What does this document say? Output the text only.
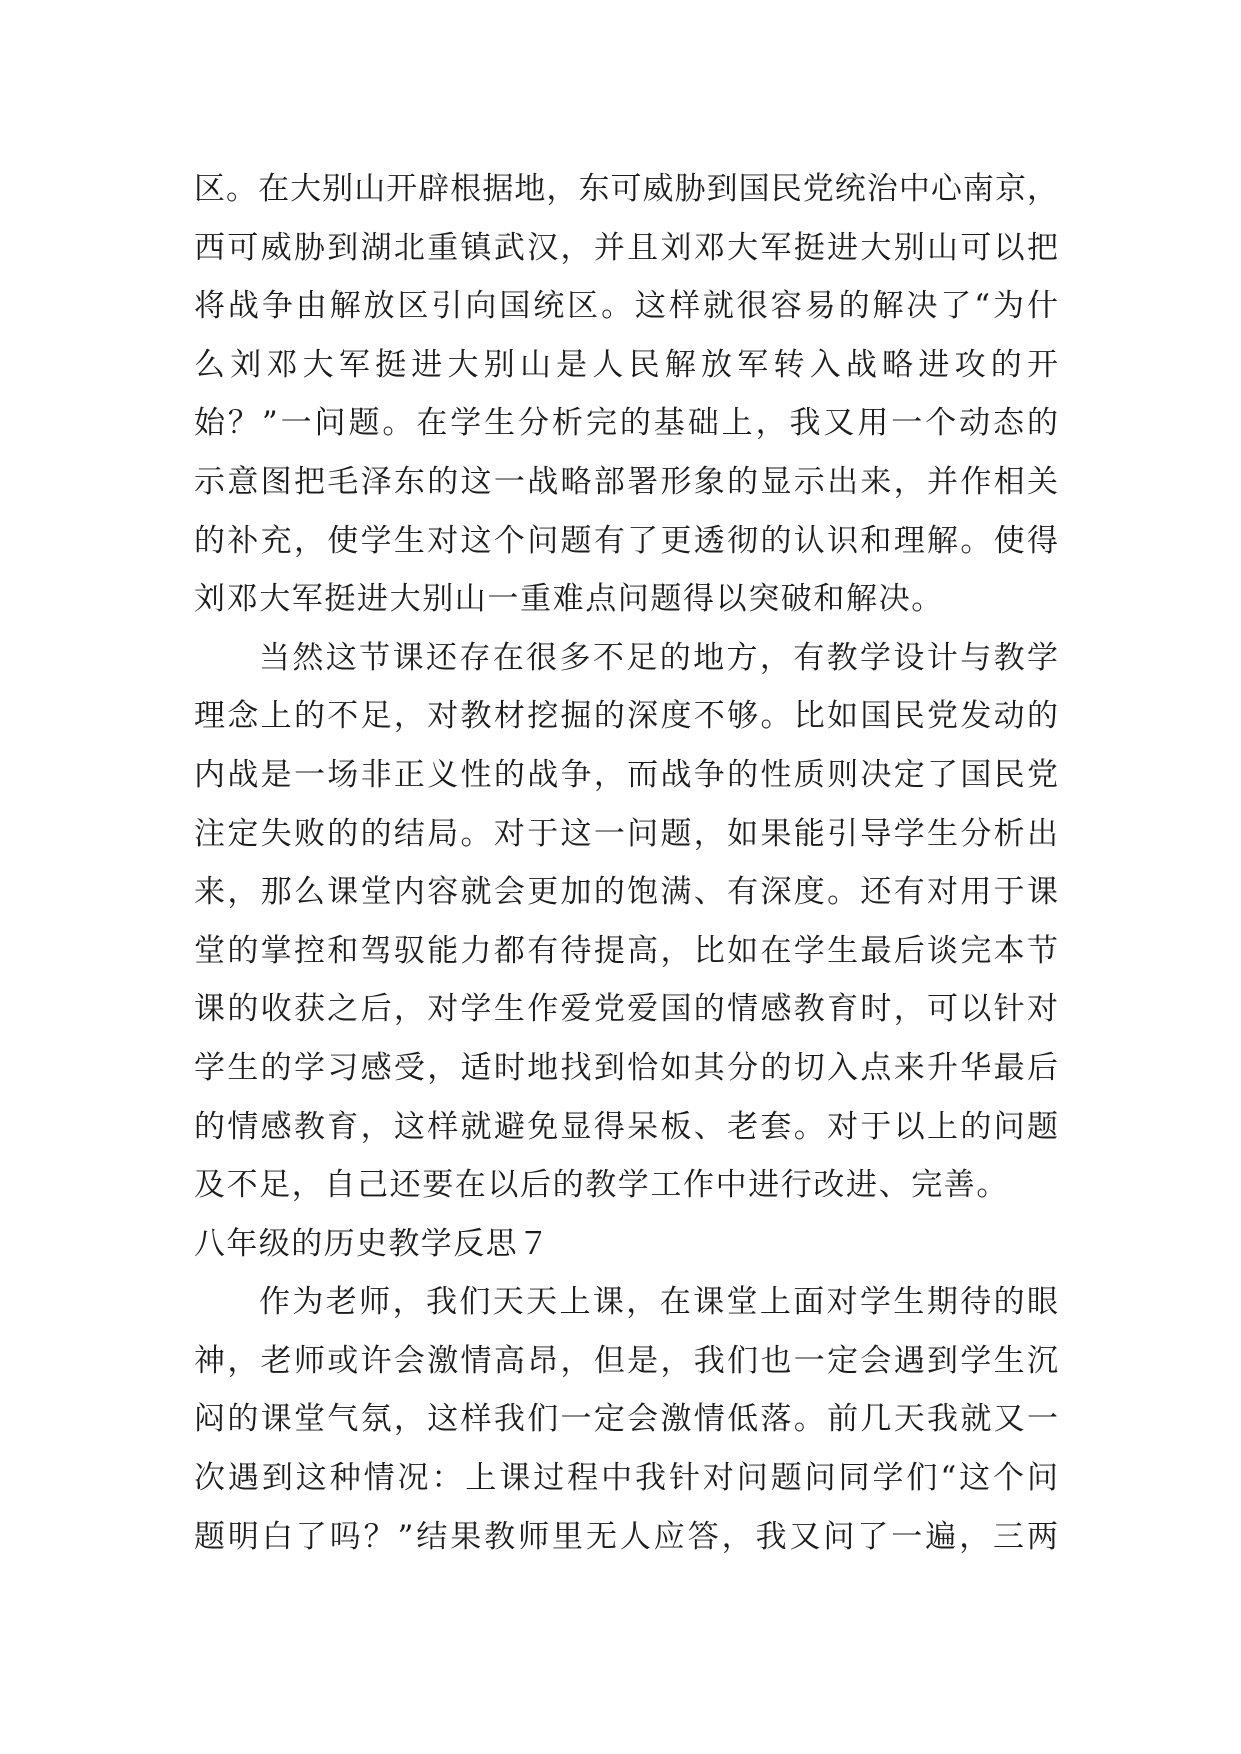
区。在大别山开辟根据地，东可威胁到国民党统治中心南京，
西可威胁到湖北重镇武汉，并且刘邓大军挺进大别山可以把
将战争由解放区引向国统区。这样就很容易的解决了“为什
么刘邓大军挺进大别山是人民解放军转入战略进攻的开
始？”一问题。在学生分析完的基础上，我又用一个动态的
示意图把毛泽东的这一战略部署形象的显示出来，并作相关
的补充，使学生对这个问题有了更透彻的认识和理解。使得
刘邓大军挺进大别山一重难点问题得以突破和解决。
当然这节课还存在很多不足的地方，有教学设计与教学
理念上的不足，对教材挖掘的深度不够。比如国民党发动的
内战是一场非正义性的战争，而战争的性质则决定了国民党
注定失败的的结局。对于这一问题，如果能引导学生分析出
来，那么课堂内容就会更加的饱满、有深度。还有对用于课
堂的掌控和驾驭能力都有待提高，比如在学生最后谈完本节
课的收获之后，对学生作爱党爱国的情感教育时，可以针对
学生的学习感受，适时地找到恰如其分的切入点来升华最后
的情感教育，这样就避免显得呆板、老套。对于以上的问题
及不足，自己还要在以后的教学工作中进行改进、完善。
八年级的历史教学反思７
作为老师，我们天天上课，在课堂上面对学生期待的眼
神，老师或许会激情高昂，但是，我们也一定会遇到学生沉
闷的课堂气氛，这样我们一定会激情低落。前几天我就又一
次遇到这种情况：上课过程中我针对问题问同学们“这个问
题明白了吗？”结果教师里无人应答，我又问了一遍，三两
